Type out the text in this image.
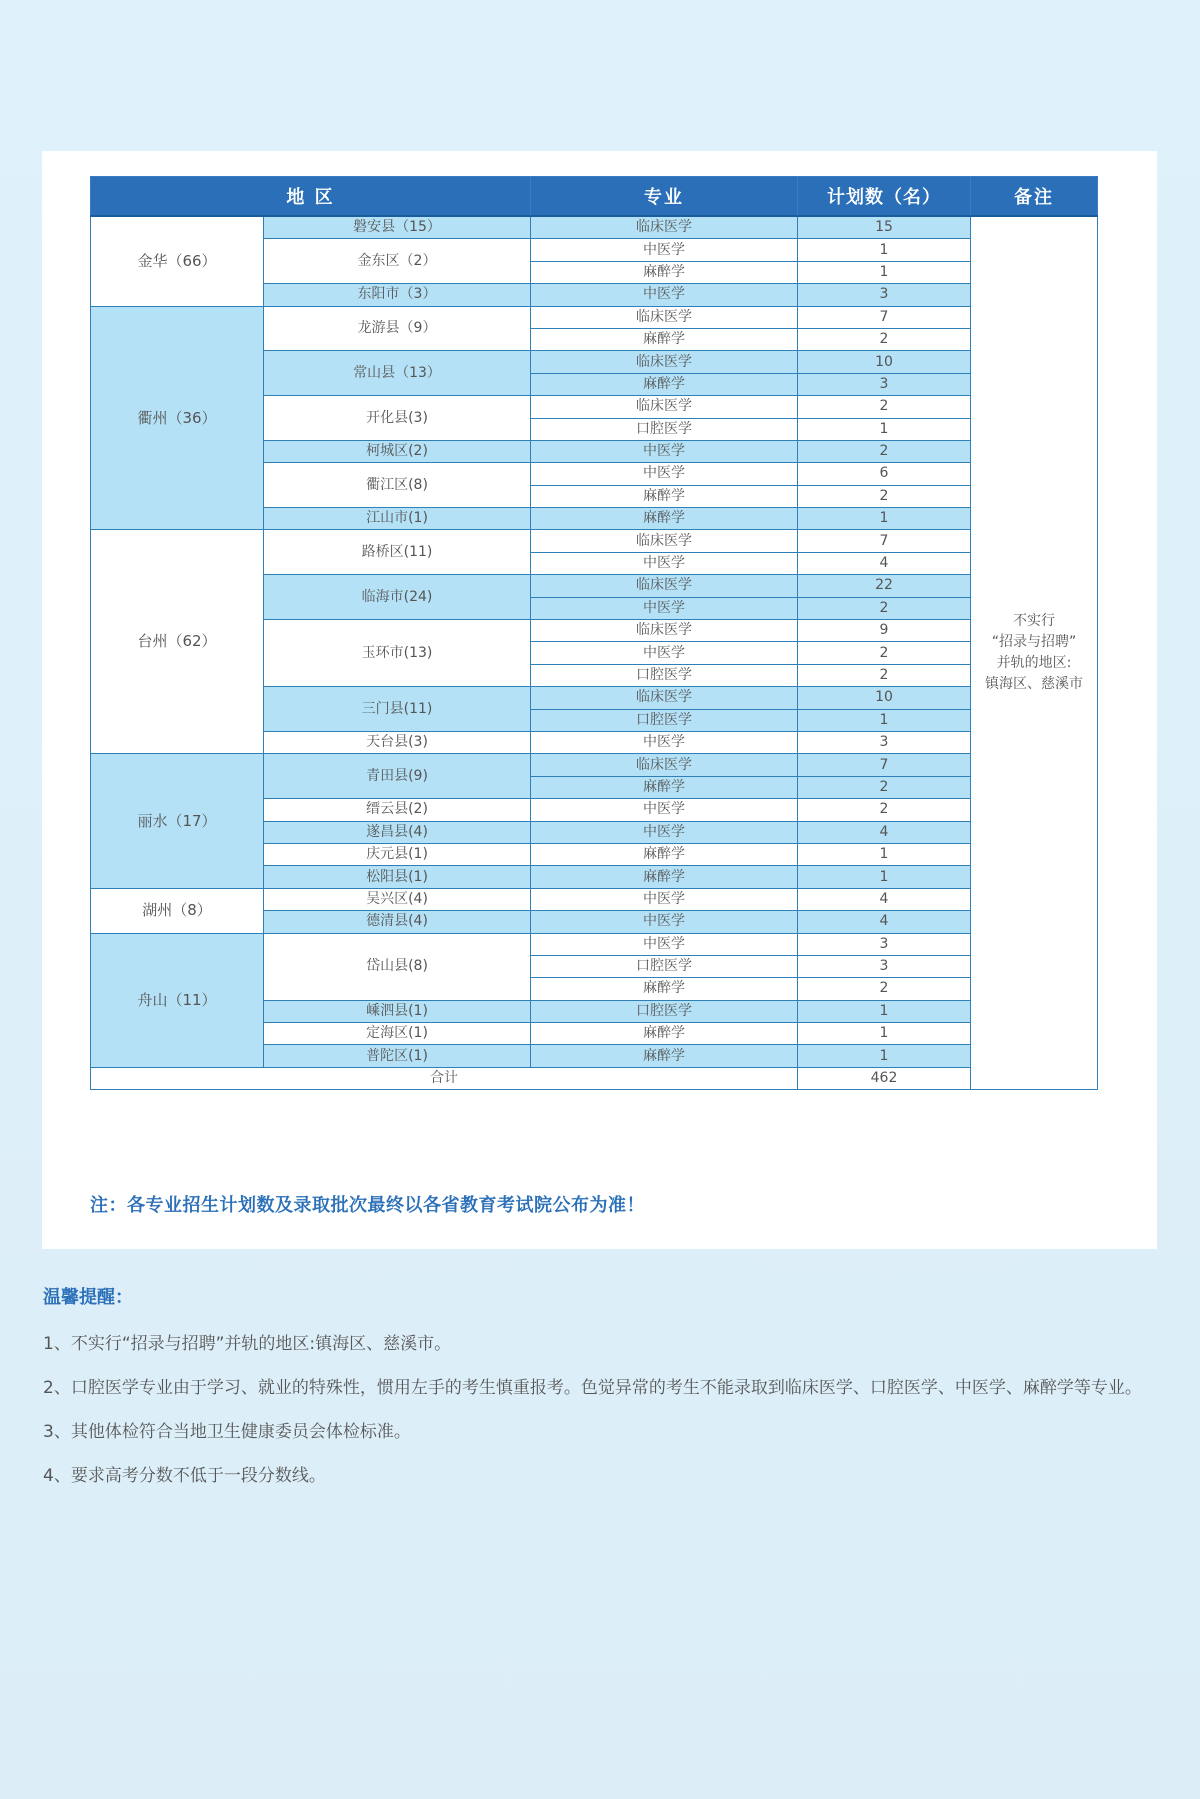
地 区		专业	计划数（名）	备注
金华（66）	磐安县（15）	临床医学	15	不实行
“招录与招聘”
并轨的地区:
镇海区、慈溪市

	金东区（2）	中医学	1	
		麻醉学	1	
	东阳市（3）	中医学	3	
衢州（36）	龙游县（9）	临床医学	7	
		麻醉学	2	
	常山县（13）	临床医学	10	
		麻醉学	3	
	开化县(3)	临床医学	2	
		口腔医学	1	
	柯城区(2)	中医学	2	
	衢江区(8)	中医学	6	
		麻醉学	2	
	江山市(1)	麻醉学	1	
台州（62）	路桥区(11)	临床医学	7	
		中医学	4	
	临海市(24)	临床医学	22	
		中医学	2	
	玉环市(13)	临床医学	9	
		中医学	2	
		口腔医学	2	
	三门县(11)	临床医学	10	
		口腔医学	1	
	天台县(3)	中医学	3	
丽水（17）	青田县(9)	临床医学	7	
		麻醉学	2	
	缙云县(2)	中医学	2	
	遂昌县(4)	中医学	4	
	庆元县(1)	麻醉学	1	
	松阳县(1)	麻醉学	1	
湖州（8）	吴兴区(4)	中医学	4	
	德清县(4)	中医学	4	
舟山（11）	岱山县(8)	中医学	3	
		口腔医学	3	
		麻醉学	2	
	嵊泗县(1)	口腔医学	1	
	定海区(1)	麻醉学	1	
	普陀区(1)	麻醉学	1	
合计			462	
注：各专业招生计划数及录取批次最终以各省教育考试院公布为准！
温馨提醒：

1、不实行“招录与招聘”并轨的地区:镇海区、慈溪市。

2、口腔医学专业由于学习、就业的特殊性，惯用左手的考生慎重报考。色觉异常的考生不能录取到临床医学、口腔医学、中医学、麻醉学等专业。

3、其他体检符合当地卫生健康委员会体检标准。

4、要求高考分数不低于一段分数线。
